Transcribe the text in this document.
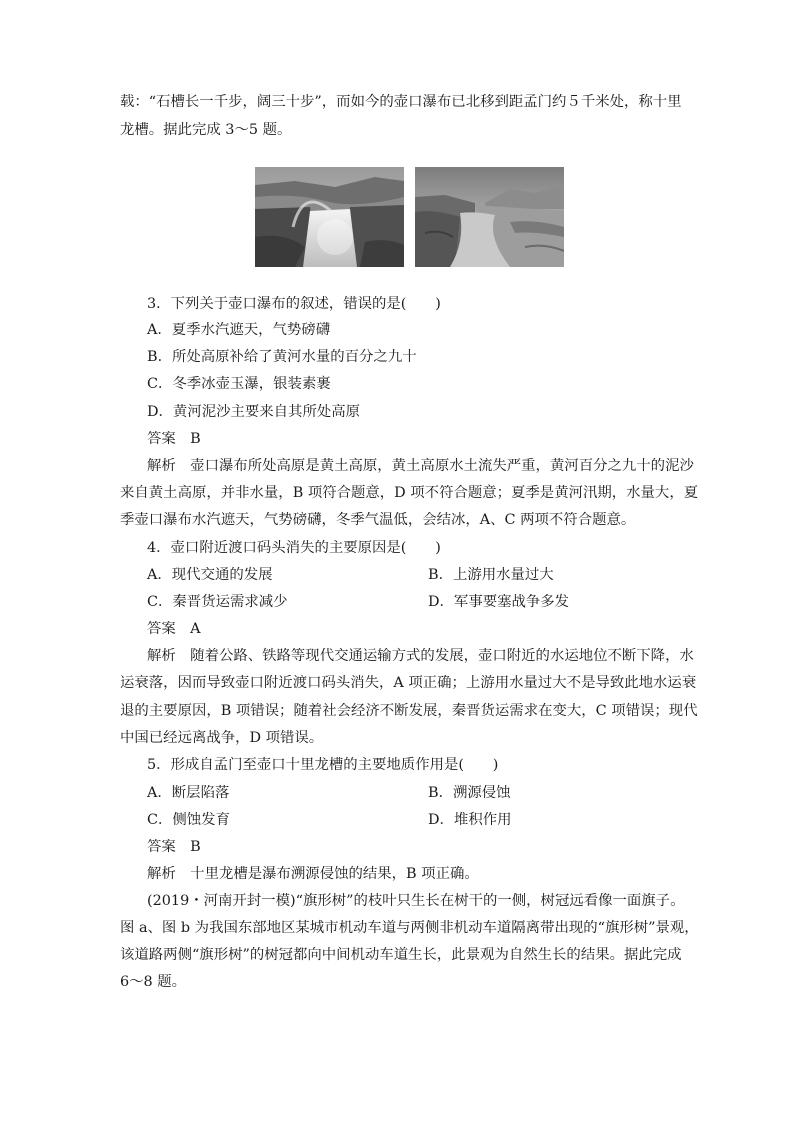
载：“石槽长一千步，阔三十步”，而如今的壶口瀑布已北移到距孟门约５千米处，称十里
龙槽。据此完成 3～5 题。
3．下列关于壶口瀑布的叙述，错误的是(　　)
A．夏季水汽遮天，气势磅礴
B．所处高原补给了黄河水量的百分之九十
C．冬季冰壶玉瀑，银装素裹
D．黄河泥沙主要来自其所处高原
答案　B
解析　壶口瀑布所处高原是黄土高原，黄土高原水土流失严重，黄河百分之九十的泥沙
来自黄土高原，并非水量，B 项符合题意，D 项不符合题意；夏季是黄河汛期，水量大，夏
季壶口瀑布水汽遮天，气势磅礴，冬季气温低，会结冰，A、C 两项不符合题意。
4．壶口附近渡口码头消失的主要原因是(　　)
A．现代交通的发展	B．上游用水量过大
C．秦晋货运需求减少	D．军事要塞战争多发
答案　A
解析　随着公路、铁路等现代交通运输方式的发展，壶口附近的水运地位不断下降，水
运衰落，因而导致壶口附近渡口码头消失，A 项正确；上游用水量过大不是导致此地水运衰
退的主要原因，B 项错误；随着社会经济不断发展，秦晋货运需求在变大，C 项错误；现代
中国已经远离战争，D 项错误。
5．形成自孟门至壶口十里龙槽的主要地质作用是(　　)
A．断层陷落	B．溯源侵蚀
C．侧蚀发育	D．堆积作用
答案　B
解析　十里龙槽是瀑布溯源侵蚀的结果，B 项正确。
(2019・河南开封一模)“旗形树”的枝叶只生长在树干的一侧，树冠远看像一面旗子。
图 a、图 b 为我国东部地区某城市机动车道与两侧非机动车道隔离带出现的“旗形树”景观，
该道路两侧“旗形树”的树冠都向中间机动车道生长，此景观为自然生长的结果。据此完成
6～8 题。
